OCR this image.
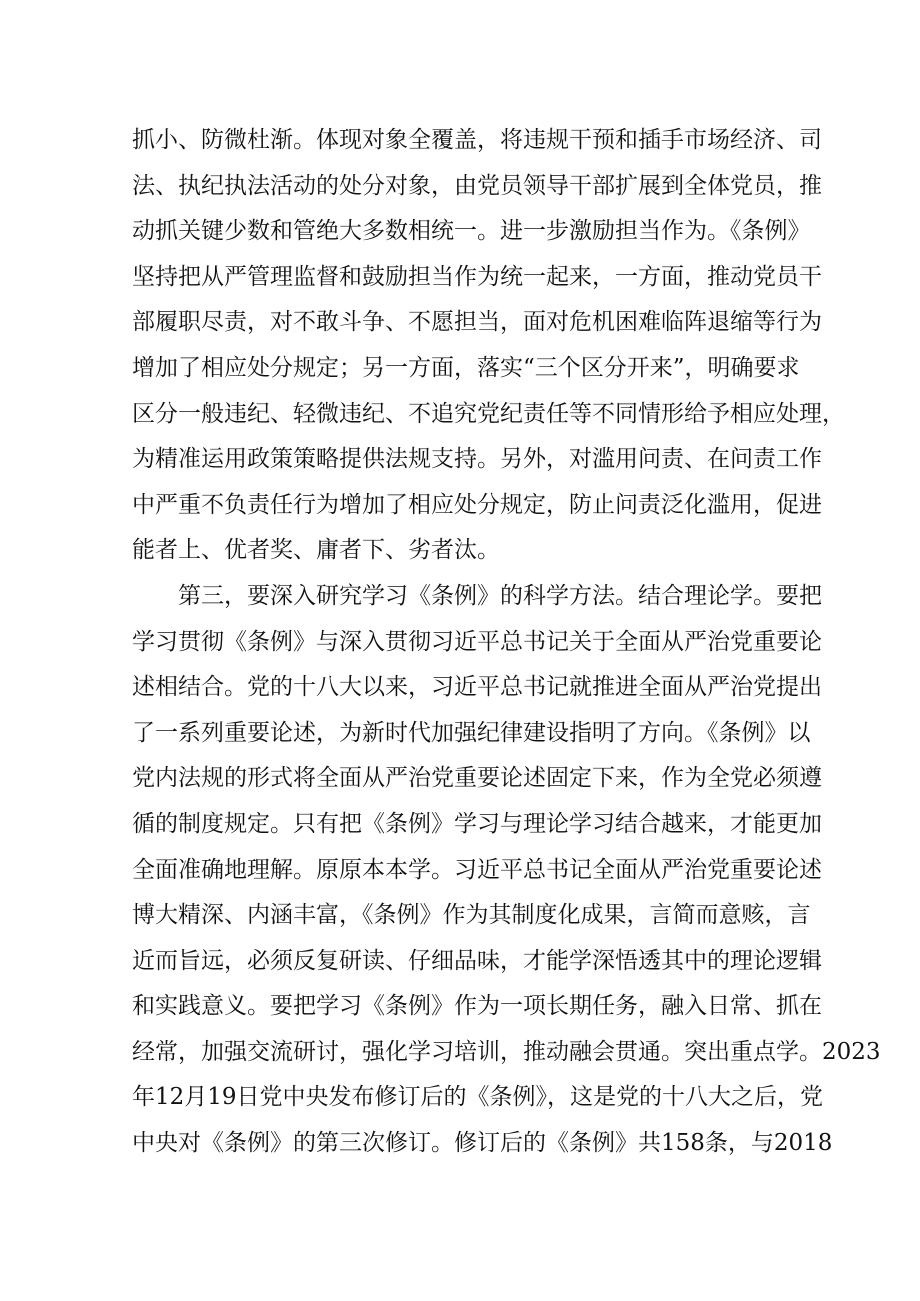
抓小、防微杜渐。体现对象全覆盖，将违规干预和插手市场经济、司
法、执纪执法活动的处分对象，由党员领导干部扩展到全体党员，推
动抓关键少数和管绝大多数相统一。进一步激励担当作为。《条例》
坚持把从严管理监督和鼓励担当作为统一起来，一方面，推动党员干
部履职尽责，对不敢斗争、不愿担当，面对危机困难临阵退缩等行为
增加了相应处分规定；另一方面，落实“三个区分开来”，明确要求
区分一般违纪、轻微违纪、不追究党纪责任等不同情形给予相应处理，
为精准运用政策策略提供法规支持。另外，对滥用问责、在问责工作
中严重不负责任行为增加了相应处分规定，防止问责泛化滥用，促进
能者上、优者奖、庸者下、劣者汰。
第三，要深入研究学习《条例》的科学方法。结合理论学。要把
学习贯彻《条例》与深入贯彻习近平总书记关于全面从严治党重要论
述相结合。党的十八大以来，习近平总书记就推进全面从严治党提出
了一系列重要论述，为新时代加强纪律建设指明了方向。《条例》以
党内法规的形式将全面从严治党重要论述固定下来，作为全党必须遵
循的制度规定。只有把《条例》学习与理论学习结合越来，才能更加
全面准确地理解。原原本本学。习近平总书记全面从严治党重要论述
博大精深、内涵丰富，《条例》作为其制度化成果，言简而意赅，言
近而旨远，必须反复研读、仔细品味，才能学深悟透其中的理论逻辑
和实践意义。要把学习《条例》作为一项长期任务，融入日常、抓在
经常，加强交流研讨，强化学习培训，推动融会贯通。突出重点学。2023
年12月19日党中央发布修订后的《条例》，这是党的十八大之后，党
中央对《条例》的第三次修订。修订后的《条例》共158条，与2018
